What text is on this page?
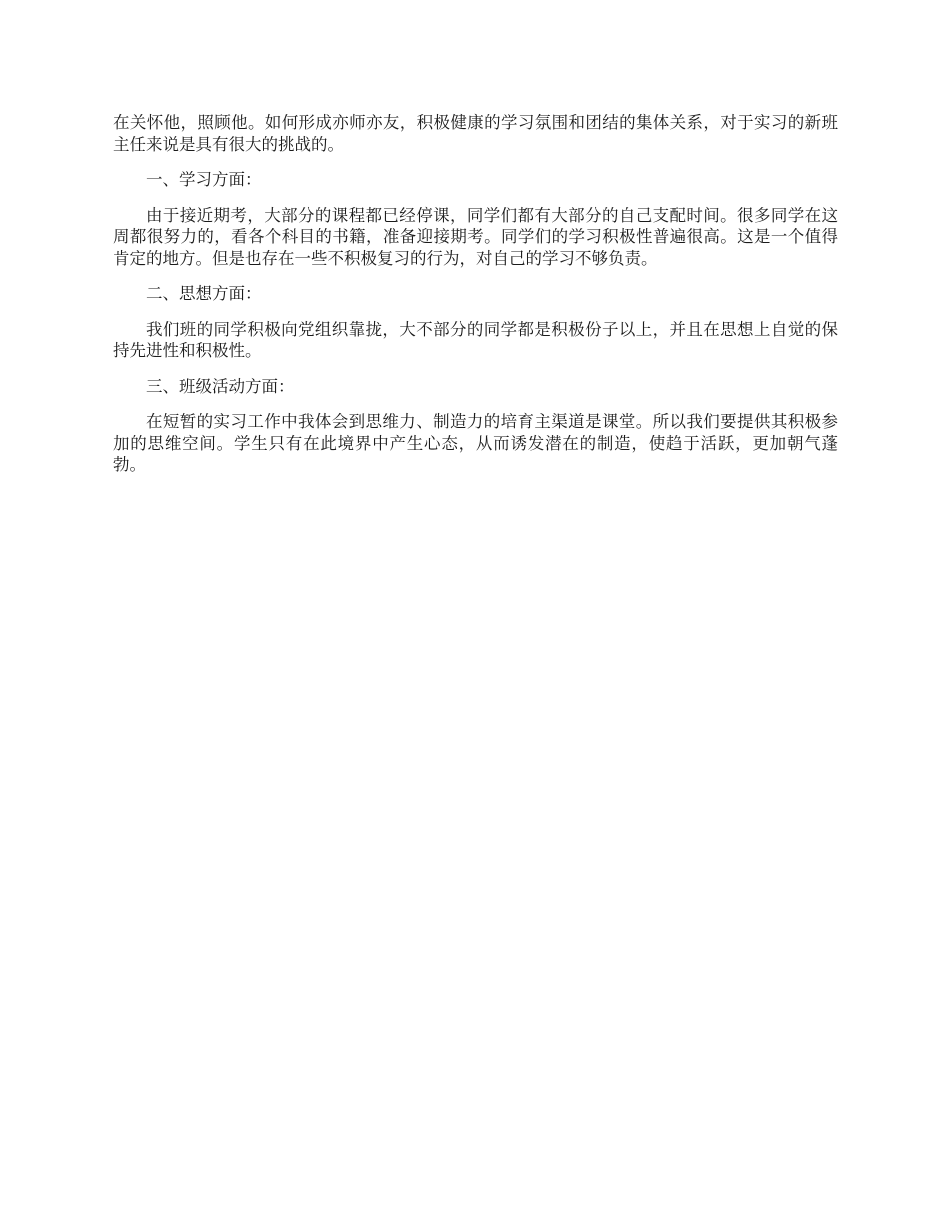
在关怀他，照顾他。如何形成亦师亦友，积极健康的学习氛围和团结的集体关系，对于实习的新班主任来说是具有很大的挑战的。

一、学习方面：

由于接近期考，大部分的课程都已经停课，同学们都有大部分的自己支配时间。很多同学在这周都很努力的，看各个科目的书籍，准备迎接期考。同学们的学习积极性普遍很高。这是一个值得肯定的地方。但是也存在一些不积极复习的行为，对自己的学习不够负责。

二、思想方面：

我们班的同学积极向党组织靠拢，大不部分的同学都是积极份子以上，并且在思想上自觉的保持先进性和积极性。

三、班级活动方面：

在短暂的实习工作中我体会到思维力、制造力的培育主渠道是课堂。所以我们要提供其积极参加的思维空间。学生只有在此境界中产生心态，从而诱发潜在的制造，使趋于活跃，更加朝气蓬勃。
